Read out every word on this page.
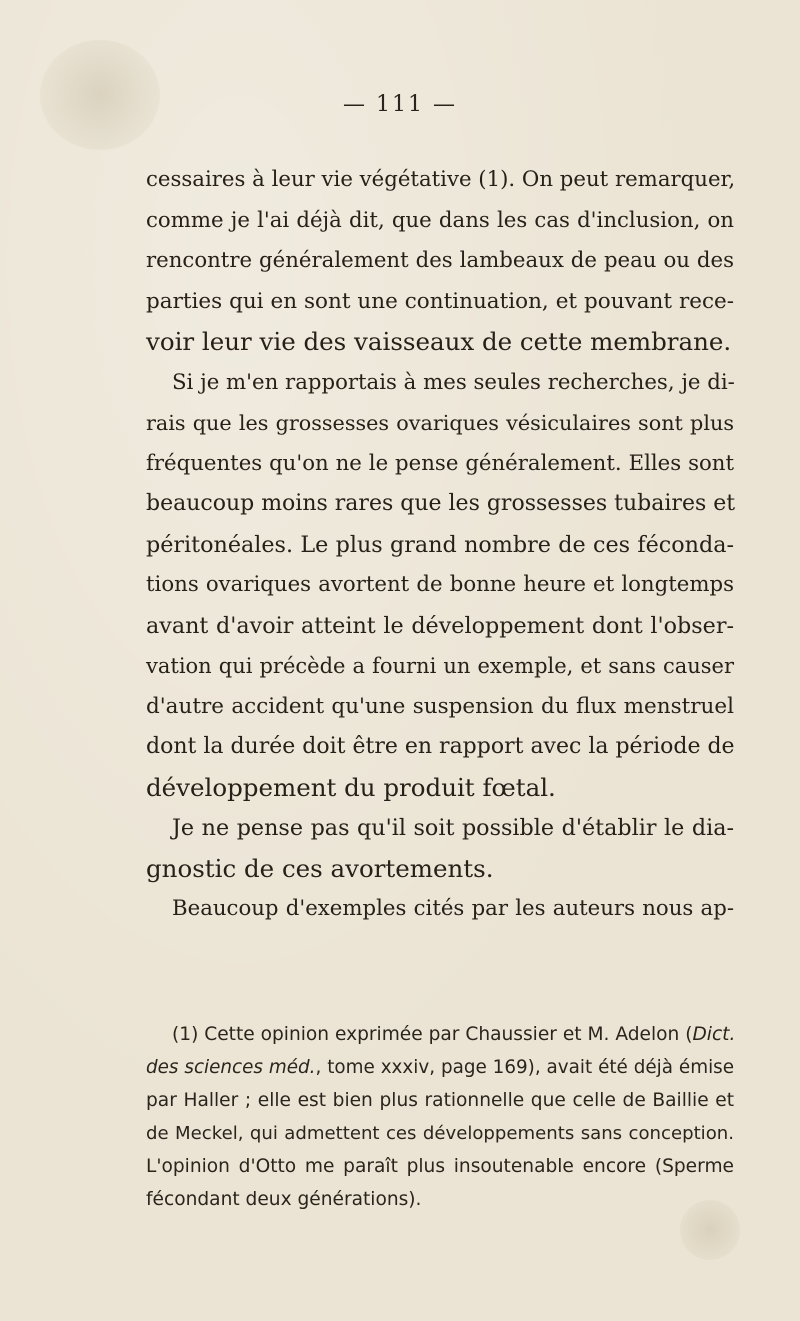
— 111 —
cessaires à leur vie végétative (1). On peut remarquer,
comme je l'ai déjà dit, que dans les cas d'inclusion, on
rencontre généralement des lambeaux de peau ou des
parties qui en sont une continuation, et pouvant rece-
voir leur vie des vaisseaux de cette membrane.
Si je m'en rapportais à mes seules recherches, je di-
rais que les grossesses ovariques vésiculaires sont plus
fréquentes qu'on ne le pense généralement. Elles sont
beaucoup moins rares que les grossesses tubaires et
péritonéales. Le plus grand nombre de ces féconda-
tions ovariques avortent de bonne heure et longtemps
avant d'avoir atteint le développement dont l'obser-
vation qui précède a fourni un exemple, et sans causer
d'autre accident qu'une suspension du flux menstruel
dont la durée doit être en rapport avec la période de
développement du produit fœtal.
Je ne pense pas qu'il soit possible d'établir le dia-
gnostic de ces avortements.
Beaucoup d'exemples cités par les auteurs nous ap-
(1) Cette opinion exprimée par Chaussier et M. Adelon (Dict.
des sciences méd., tome xxxiv, page 169), avait été déjà émise
par Haller ; elle est bien plus rationnelle que celle de Baillie et
de Meckel, qui admettent ces développements sans conception.
L'opinion d'Otto me paraît plus insoutenable encore (Sperme
fécondant deux générations).
